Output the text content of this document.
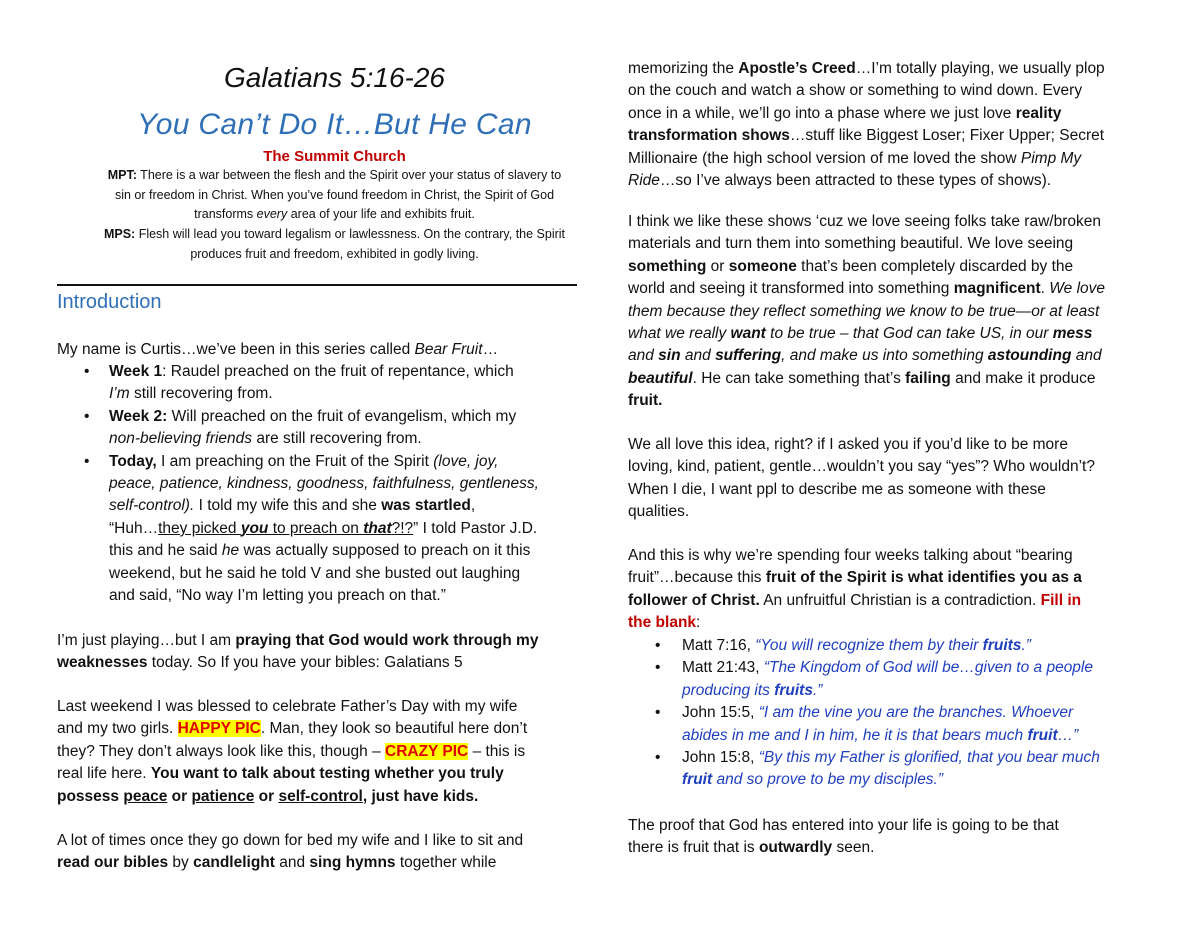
Galatians 5:16-26
You Can’t Do It…But He Can
The Summit Church
MPT: There is a war between the flesh and the Spirit over your status of slavery to
sin or freedom in Christ. When you’ve found freedom in Christ, the Spirit of God
transforms every area of your life and exhibits fruit.
MPS: Flesh will lead you toward legalism or lawlessness. On the contrary, the Spirit
produces fruit and freedom, exhibited in godly living.
Introduction

My name is Curtis…we’ve been in this series called Bear Fruit…

• Week 1: Raudel preached on the fruit of repentance, which
I’m still recovering from.
• Week 2: Will preached on the fruit of evangelism, which my
non-believing friends are still recovering from.
• Today, I am preaching on the Fruit of the Spirit (love, joy,
peace, patience, kindness, goodness, faithfulness, gentleness,
self-control). I told my wife this and she was startled,
“Huh…they picked you to preach on that?!?” I told Pastor J.D.
this and he said he was actually supposed to preach on it this
weekend, but he said he told V and she busted out laughing
and said, “No way I’m letting you preach on that.”

I’m just playing…but I am praying that God would work through my
weaknesses today. So If you have your bibles: Galatians 5

Last weekend I was blessed to celebrate Father’s Day with my wife
and my two girls. HAPPY PIC. Man, they look so beautiful here don’t
they? They don’t always look like this, though – CRAZY PIC – this is
real life here. You want to talk about testing whether you truly
possess peace or patience or self-control, just have kids.

A lot of times once they go down for bed my wife and I like to sit and
read our bibles by candlelight and sing hymns together while

memorizing the Apostle’s Creed…I’m totally playing, we usually plop
on the couch and watch a show or something to wind down. Every
once in a while, we’ll go into a phase where we just love reality
transformation shows…stuff like Biggest Loser; Fixer Upper; Secret
Millionaire (the high school version of me loved the show Pimp My
Ride…so I’ve always been attracted to these types of shows).

I think we like these shows ‘cuz we love seeing folks take raw/broken
materials and turn them into something beautiful. We love seeing
something or someone that’s been completely discarded by the
world and seeing it transformed into something magnificent. We love
them because they reflect something we know to be true—or at least
what we really want to be true – that God can take US, in our mess
and sin and suffering, and make us into something astounding and
beautiful. He can take something that’s failing and make it produce
fruit.

We all love this idea, right? if I asked you if you’d like to be more
loving, kind, patient, gentle…wouldn’t you say “yes”? Who wouldn’t?
When I die, I want ppl to describe me as someone with these
qualities.

And this is why we’re spending four weeks talking about “bearing
fruit”…because this fruit of the Spirit is what identifies you as a
follower of Christ. An unfruitful Christian is a contradiction. Fill in
the blank:

• Matt 7:16, “You will recognize them by their fruits.”
• Matt 21:43, “The Kingdom of God will be…given to a people
producing its fruits.”
• John 15:5, “I am the vine you are the branches. Whoever
abides in me and I in him, he it is that bears much fruit…”
• John 15:8, “By this my Father is glorified, that you bear much
fruit and so prove to be my disciples.”

The proof that God has entered into your life is going to be that
there is fruit that is outwardly seen.
